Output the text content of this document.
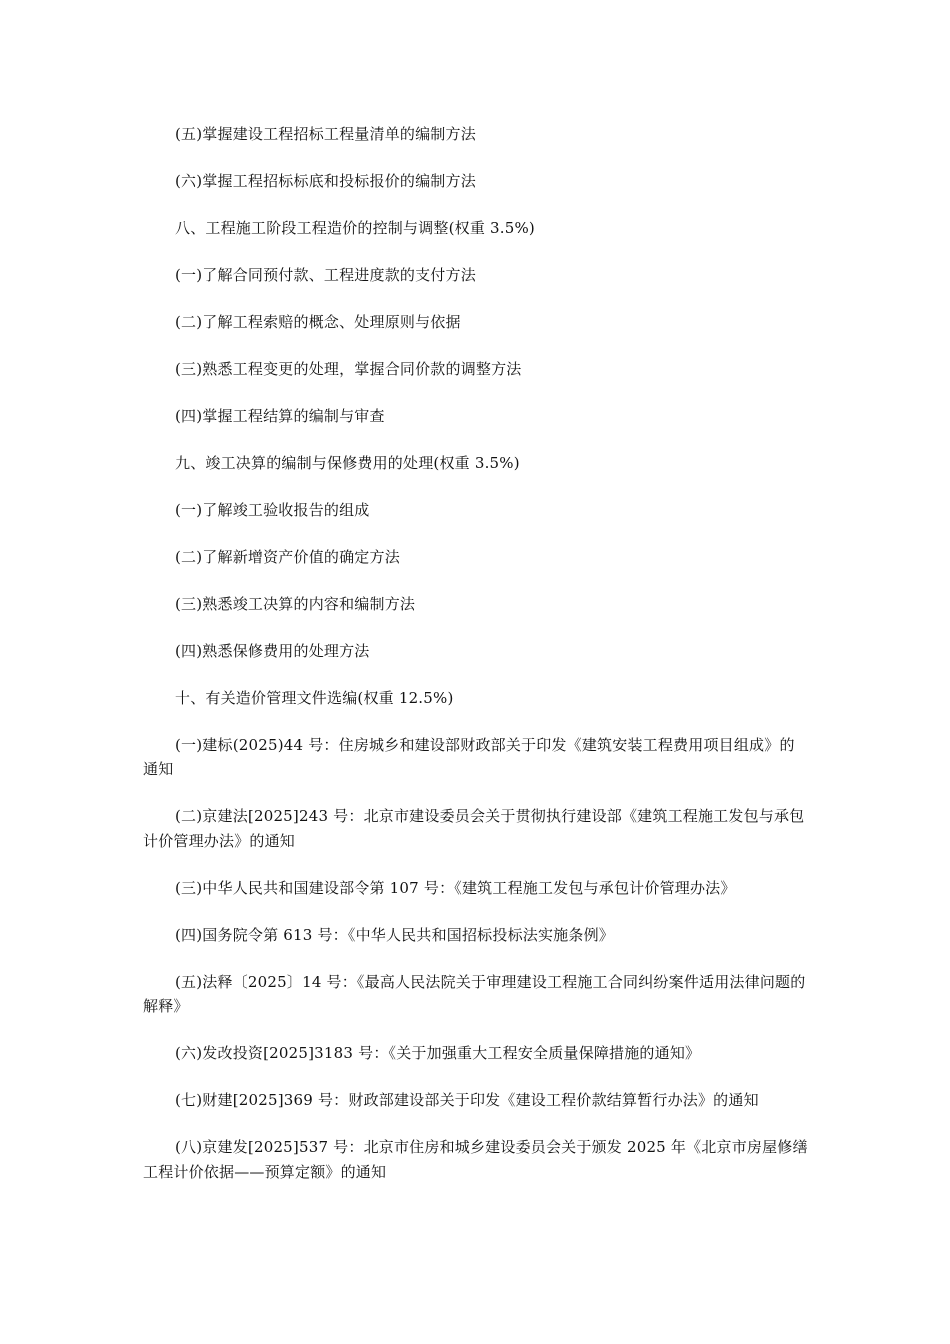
(五)掌握建设工程招标工程量清单的编制方法

(六)掌握工程招标标底和投标报价的编制方法

八、工程施工阶段工程造价的控制与调整(权重 3.5%)

(一)了解合同预付款、工程进度款的支付方法

(二)了解工程索赔的概念、处理原则与依据

(三)熟悉工程变更的处理，掌握合同价款的调整方法

(四)掌握工程结算的编制与审查

九、竣工决算的编制与保修费用的处理(权重 3.5%)

(一)了解竣工验收报告的组成

(二)了解新增资产价值的确定方法

(三)熟悉竣工决算的内容和编制方法

(四)熟悉保修费用的处理方法

十、有关造价管理文件选编(权重 12.5%)

(一)建标(2025)44 号：住房城乡和建设部财政部关于印发《建筑安装工程费用项目组成》的通知

(二)京建法[2025]243 号：北京市建设委员会关于贯彻执行建设部《建筑工程施工发包与承包计价管理办法》的通知

(三)中华人民共和国建设部令第 107 号：《建筑工程施工发包与承包计价管理办法》

(四)国务院令第 613 号：《中华人民共和国招标投标法实施条例》

(五)法释〔2025〕14 号：《最高人民法院关于审理建设工程施工合同纠纷案件适用法律问题的解释》

(六)发改投资[2025]3183 号：《关于加强重大工程安全质量保障措施的通知》

(七)财建[2025]369 号：财政部建设部关于印发《建设工程价款结算暂行办法》的通知

(八)京建发[2025]537 号：北京市住房和城乡建设委员会关于颁发 2025 年《北京市房屋修缮工程计价依据——预算定额》的通知
